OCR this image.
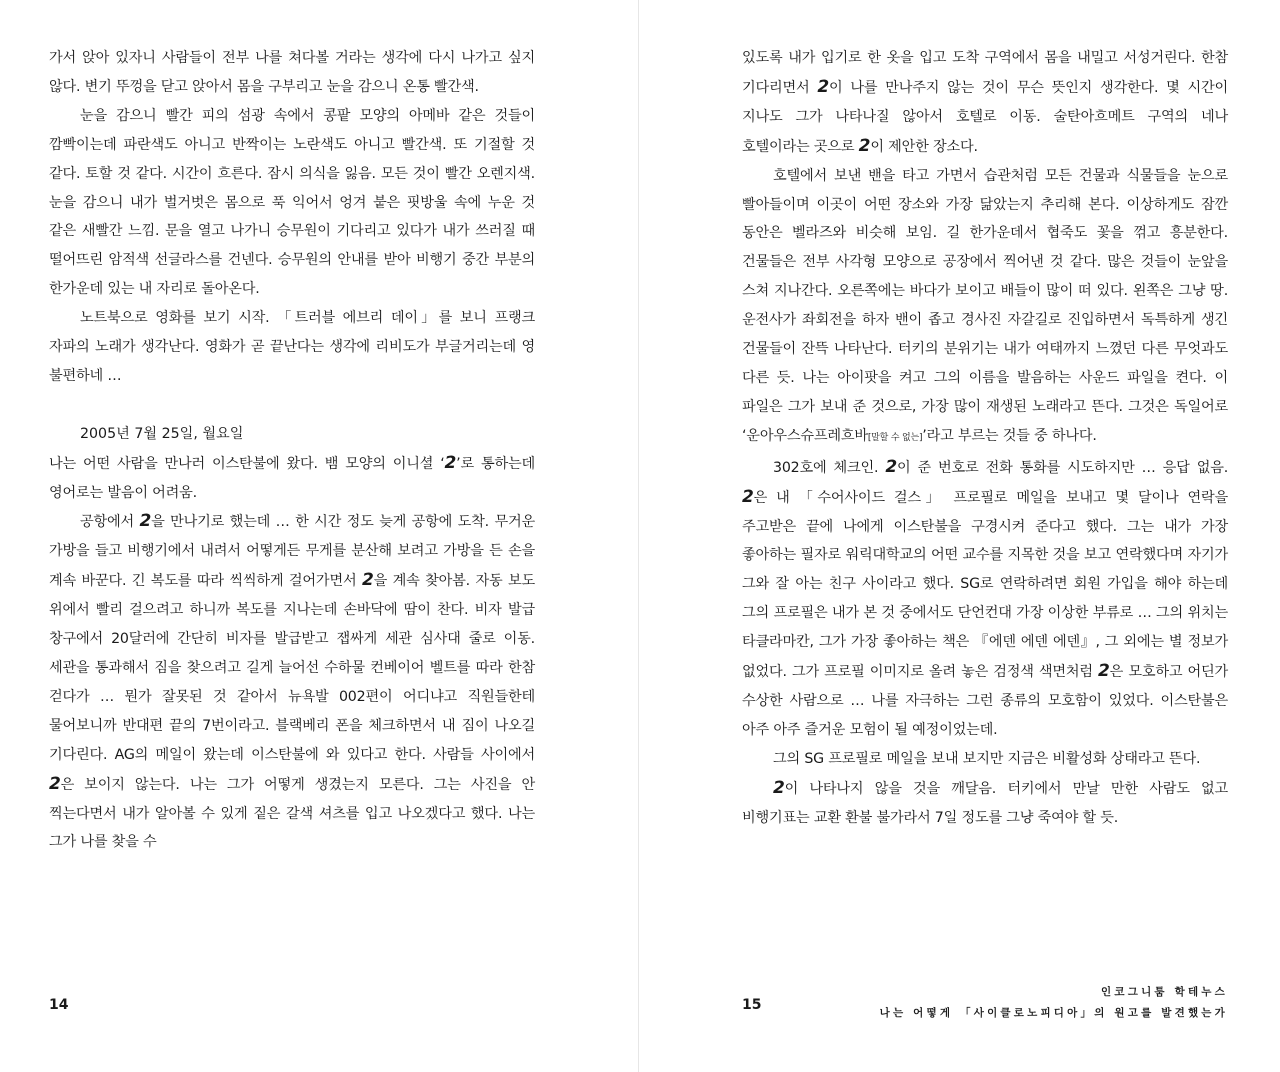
가서 앉아 있자니 사람들이 전부 나를 쳐다볼 거라는 생각에 다시 나가고 싶지 않다. 변기 뚜껑을 닫고 앉아서 몸을 구부리고 눈을 감으니 온통 빨간색.

눈을 감으니 빨간 피의 섬광 속에서 콩팥 모양의 아메바 같은 것들이 깜빡이는데 파란색도 아니고 반짝이는 노란색도 아니고 빨간색. 또 기절할 것 같다. 토할 것 같다. 시간이 흐른다. 잠시 의식을 잃음. 모든 것이 빨간 오렌지색. 눈을 감으니 내가 벌거벗은 몸으로 푹 익어서 엉겨 붙은 핏방울 속에 누운 것 같은 새빨간 느낌. 문을 열고 나가니 승무원이 기다리고 있다가 내가 쓰러질 때 떨어뜨린 암적색 선글라스를 건넨다. 승무원의 안내를 받아 비행기 중간 부분의 한가운데 있는 내 자리로 돌아온다.

노트북으로 영화를 보기 시작. 「트러블 에브리 데이」를 보니 프랭크 자파의 노래가 생각난다. 영화가 곧 끝난다는 생각에 리비도가 부글거리는데 영 불편하네 …

2005년 7월 25일, 월요일

나는 어떤 사람을 만나러 이스탄불에 왔다. 뱀 모양의 이니셜 ‘2’로 통하는데 영어로는 발음이 어려움.

공항에서 2을 만나기로 했는데 … 한 시간 정도 늦게 공항에 도착. 무거운 가방을 들고 비행기에서 내려서 어떻게든 무게를 분산해 보려고 가방을 든 손을 계속 바꾼다. 긴 복도를 따라 씩씩하게 걸어가면서 2을 계속 찾아봄. 자동 보도 위에서 빨리 걸으려고 하니까 복도를 지나는데 손바닥에 땀이 찬다. 비자 발급 창구에서 20달러에 간단히 비자를 발급받고 잽싸게 세관 심사대 줄로 이동. 세관을 통과해서 짐을 찾으려고 길게 늘어선 수하물 컨베이어 벨트를 따라 한참 걷다가 … 뭔가 잘못된 것 같아서 뉴욕발 002편이 어디냐고 직원들한테 물어보니까 반대편 끝의 7번이라고. 블랙베리 폰을 체크하면서 내 짐이 나오길 기다린다. AG의 메일이 왔는데 이스탄불에 와 있다고 한다. 사람들 사이에서 2은 보이지 않는다. 나는 그가 어떻게 생겼는지 모른다. 그는 사진을 안 찍는다면서 내가 알아볼 수 있게 짙은 갈색 셔츠를 입고 나오겠다고 했다. 나는 그가 나를 찾을 수

14

있도록 내가 입기로 한 옷을 입고 도착 구역에서 몸을 내밀고 서성거린다. 한참 기다리면서 2이 나를 만나주지 않는 것이 무슨 뜻인지 생각한다. 몇 시간이 지나도 그가 나타나질 않아서 호텔로 이동. 술탄아흐메트 구역의 네나 호텔이라는 곳으로 2이 제안한 장소다.

호텔에서 보낸 밴을 타고 가면서 습관처럼 모든 건물과 식물들을 눈으로 빨아들이며 이곳이 어떤 장소와 가장 닮았는지 추리해 본다. 이상하게도 잠깐 동안은 벨라즈와 비슷해 보임. 길 한가운데서 협죽도 꽃을 꺾고 흥분한다. 건물들은 전부 사각형 모양으로 공장에서 찍어낸 것 같다. 많은 것들이 눈앞을 스쳐 지나간다. 오른쪽에는 바다가 보이고 배들이 많이 떠 있다. 왼쪽은 그냥 땅. 운전사가 좌회전을 하자 밴이 좁고 경사진 자갈길로 진입하면서 독특하게 생긴 건물들이 잔뜩 나타난다. 터키의 분위기는 내가 여태까지 느꼈던 다른 무엇과도 다른 듯. 나는 아이팟을 켜고 그의 이름을 발음하는 사운드 파일을 켠다. 이 파일은 그가 보내 준 것으로, 가장 많이 재생된 노래라고 뜬다. 그것은 독일어로 ‘운아우스슈프레흐바[말할 수 없는]’라고 부르는 것들 중 하나다.

302호에 체크인. 2이 준 번호로 전화 통화를 시도하지만 … 응답 없음. 2은 내 「수어사이드 걸스」 프로필로 메일을 보내고 몇 달이나 연락을 주고받은 끝에 나에게 이스탄불을 구경시켜 준다고 했다. 그는 내가 가장 좋아하는 필자로 워릭대학교의 어떤 교수를 지목한 것을 보고 연락했다며 자기가 그와 잘 아는 친구 사이라고 했다. SG로 연락하려면 회원 가입을 해야 하는데 그의 프로필은 내가 본 것 중에서도 단언컨대 가장 이상한 부류로 … 그의 위치는 타클라마칸, 그가 가장 좋아하는 책은 『에덴 에덴 에덴』, 그 외에는 별 정보가 없었다. 그가 프로필 이미지로 올려 놓은 검정색 색면처럼 2은 모호하고 어딘가 수상한 사람으로 … 나를 자극하는 그런 종류의 모호함이 있었다. 이스탄불은 아주 아주 즐거운 모험이 될 예정이었는데.

그의 SG 프로필로 메일을 보내 보지만 지금은 비활성화 상태라고 뜬다.

2이 나타나지 않을 것을 깨달음. 터키에서 만날 만한 사람도 없고 비행기표는 교환 환불 불가라서 7일 정도를 그냥 죽여야 할 듯.

15
인코그니툼 학테누스
나는 어떻게 「사이클로노피디아」의 원고를 발견했는가
